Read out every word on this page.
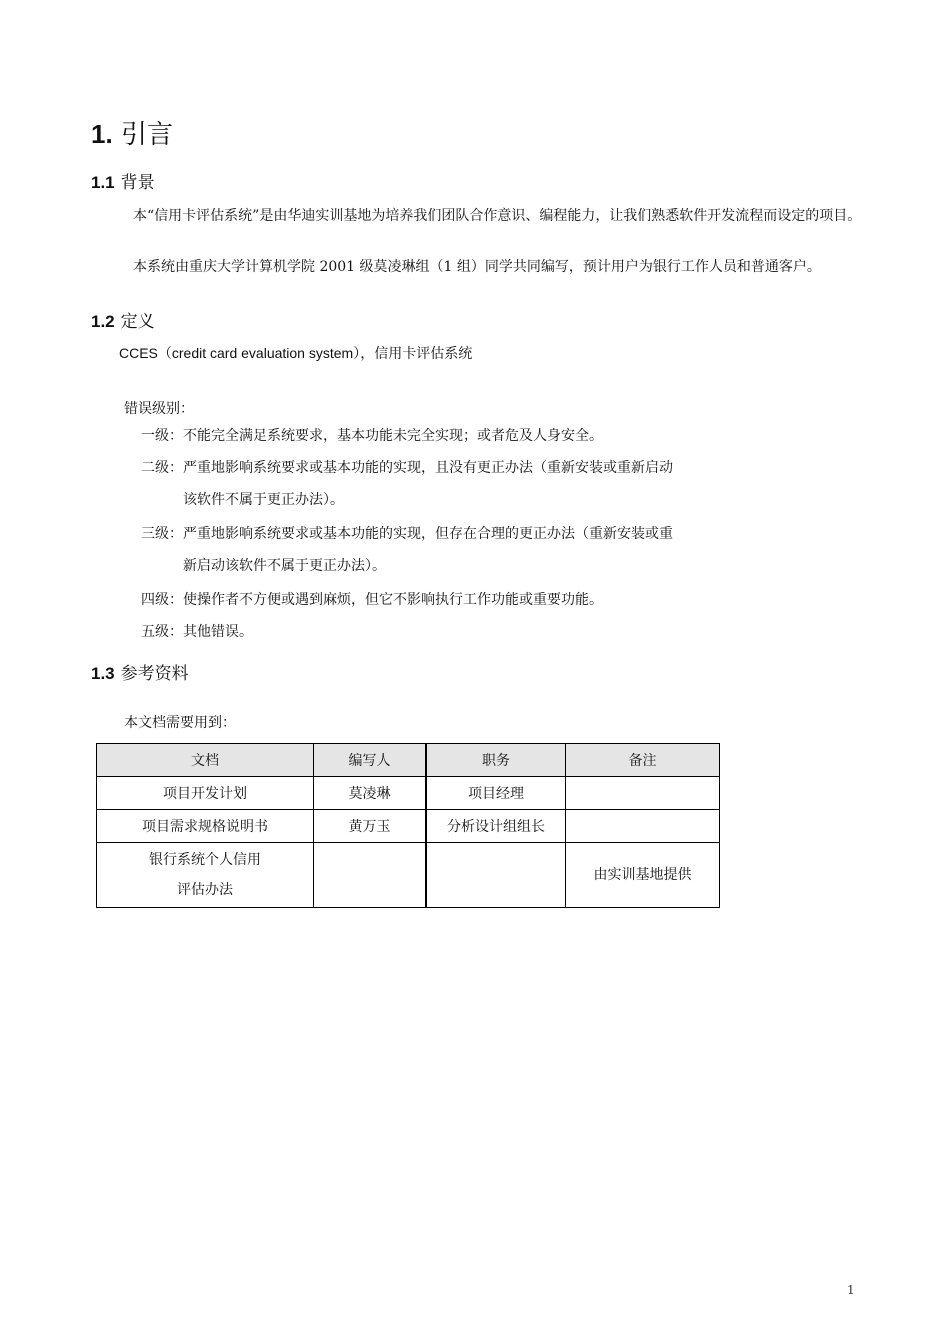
1. 引言
1.1 背景

本“信用卡评估系统”是由华迪实训基地为培养我们团队合作意识、编程能力，让我们熟悉软件开发流程而设定的项目。

本系统由重庆大学计算机学院 2001 级莫凌琳组（1 组）同学共同编写，预计用户为银行工作人员和普通客户。

1.2 定义

CCES（credit card evaluation system），信用卡评估系统

错误级别：

一级：不能完全满足系统要求，基本功能未完全实现；或者危及人身安全。

二级：严重地影响系统要求或基本功能的实现，且没有更正办法（重新安装或重新启动

该软件不属于更正办法）。

三级：严重地影响系统要求或基本功能的实现，但存在合理的更正办法（重新安装或重

新启动该软件不属于更正办法）。

四级：使操作者不方便或遇到麻烦，但它不影响执行工作功能或重要功能。

五级：其他错误。

1.3 参考资料

本文档需要用到：

文档	编写人	职务	备注
项目开发计划	莫凌琳	项目经理	
项目需求规格说明书	黄万玉	分析设计组组长	

银行系统个人信用
评估办法			由实训基地提供
1
